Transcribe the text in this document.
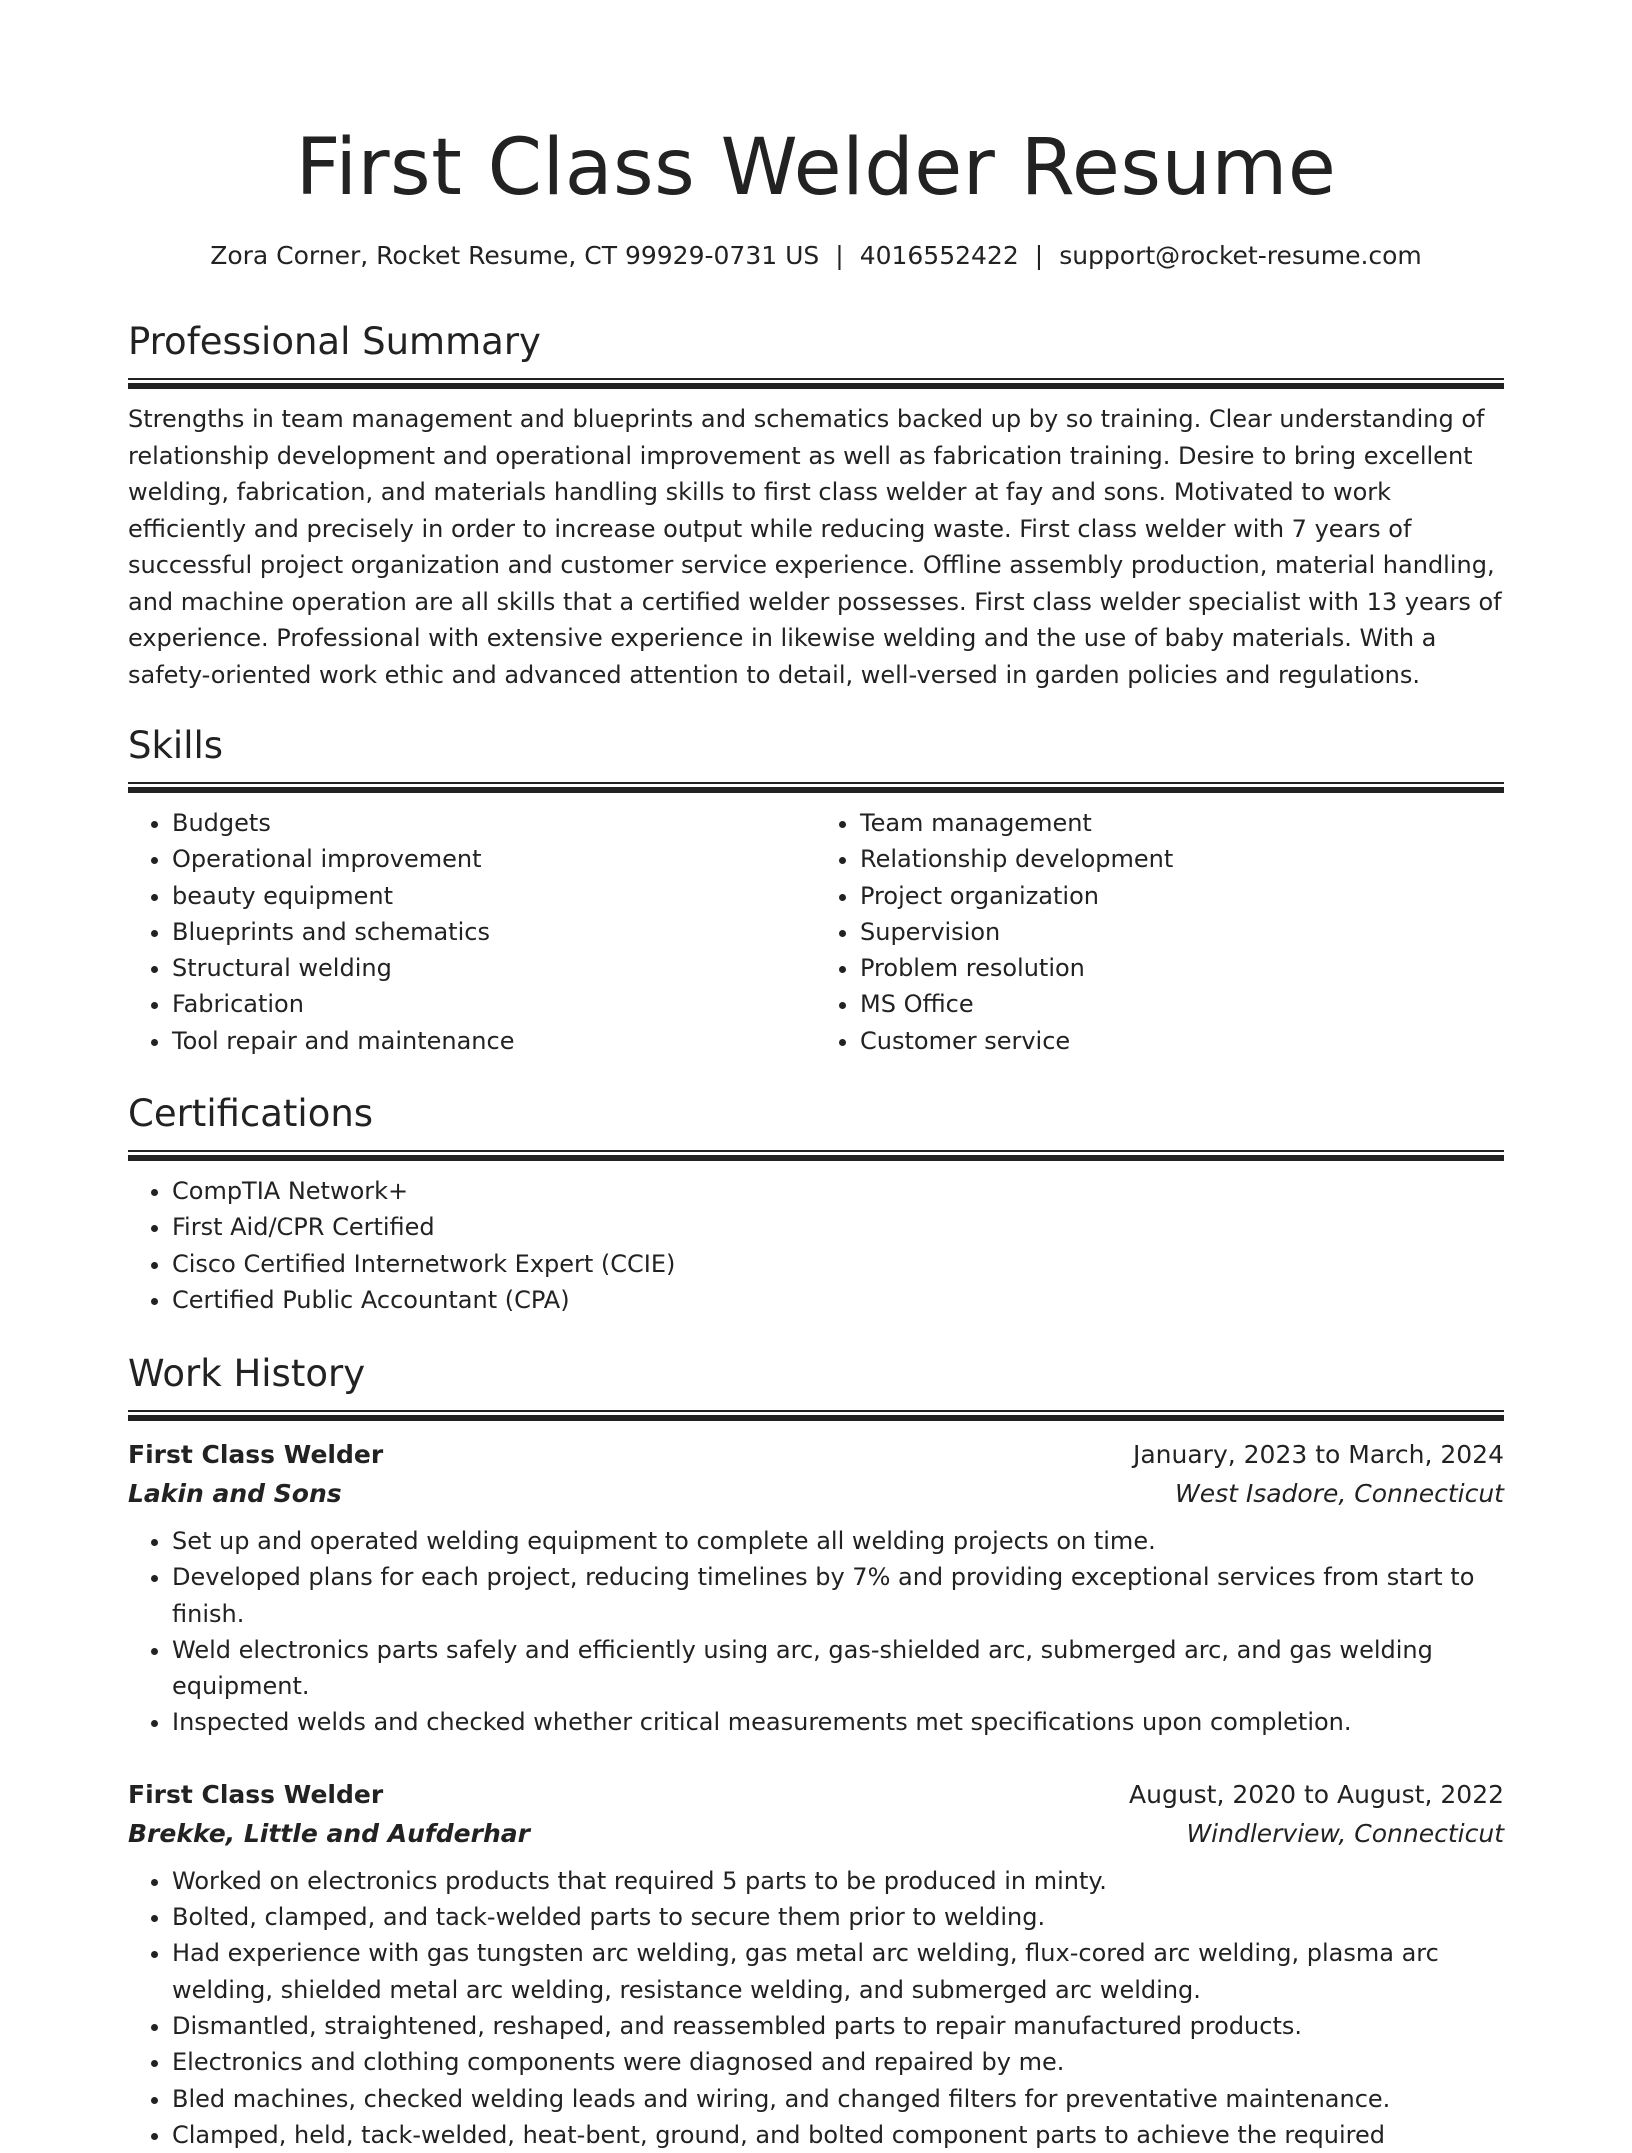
First Class Welder Resume
Zora Corner, Rocket Resume, CT 99929-0731 US | 4016552422 | support@rocket-resume.com
Professional Summary
Strengths in team management and blueprints and schematics backed up by so training. Clear understanding of relationship development and operational improvement as well as fabrication training. Desire to bring excellent welding, fabrication, and materials handling skills to first class welder at fay and sons. Motivated to work efficiently and precisely in order to increase output while reducing waste. First class welder with 7 years of successful project organization and customer service experience. Offline assembly production, material handling, and machine operation are all skills that a certified welder possesses. First class welder specialist with 13 years of experience. Professional with extensive experience in likewise welding and the use of baby materials. With a safety-oriented work ethic and advanced attention to detail, well-versed in garden policies and regulations.
Skills
• Budgets
• Operational improvement
• beauty equipment
• Blueprints and schematics
• Structural welding
• Fabrication
• Tool repair and maintenance
• Team management
• Relationship development
• Project organization
• Supervision
• Problem resolution
• MS Office
• Customer service
Certifications
• CompTIA Network+
• First Aid/CPR Certified
• Cisco Certified Internetwork Expert (CCIE)
• Certified Public Accountant (CPA)
Work History
First Class Welder	January, 2023 to March, 2024
Lakin and Sons	West Isadore, Connecticut
• Set up and operated welding equipment to complete all welding projects on time.
• Developed plans for each project, reducing timelines by 7% and providing exceptional services from start to finish.
• Weld electronics parts safely and efficiently using arc, gas-shielded arc, submerged arc, and gas welding equipment.
• Inspected welds and checked whether critical measurements met specifications upon completion.
First Class Welder	August, 2020 to August, 2022
Brekke, Little and Aufderhar	Windlerview, Connecticut
• Worked on electronics products that required 5 parts to be produced in minty.
• Bolted, clamped, and tack-welded parts to secure them prior to welding.
• Had experience with gas tungsten arc welding, gas metal arc welding, flux-cored arc welding, plasma arc welding, shielded metal arc welding, resistance welding, and submerged arc welding.
• Dismantled, straightened, reshaped, and reassembled parts to repair manufactured products.
• Electronics and clothing components were diagnosed and repaired by me.
• Bled machines, checked welding leads and wiring, and changed filters for preventative maintenance.
• Clamped, held, tack-welded, heat-bent, ground, and bolted component parts to achieve the required
